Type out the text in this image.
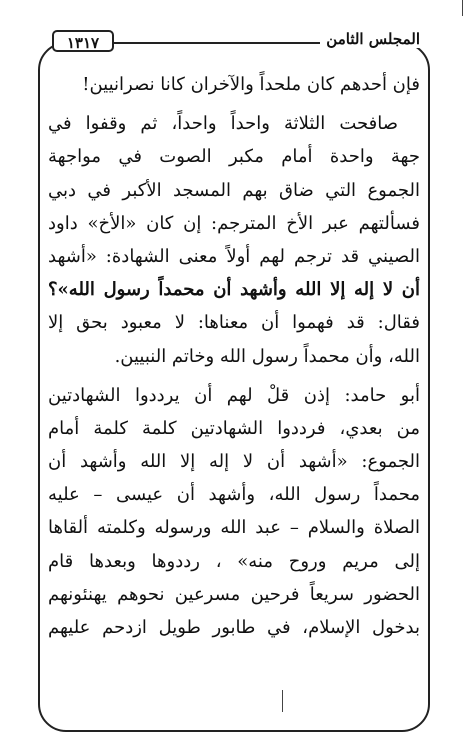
المجلس الثامن
١٣١٧
فإن أحدهم كان ملحداً والآخران كانا نصرانيين!
صافحت الثلاثة واحداً واحداً، ثم وقفوا في
جهة واحدة أمام مكبر الصوت في مواجهة
الجموع التي ضاق بهم المسجد الأكبر في دبي
فسألتهم عبر الأخ المترجم: إن كان «الأخ» داود
الصيني قد ترجم لهم أولاً معنى الشهادة: «أشهد
أن لا إله إلا الله وأشهد أن محمداً رسول الله»؟
فقال: قد فهموا أن معناها: لا معبود بحق إلا
الله، وأن محمداً رسول الله وخاتم النبيين.
أبو حامد: إذن قلْ لهم أن يرددوا الشهادتين
من بعدي، فرددوا الشهادتين كلمة كلمة أمام
الجموع: «أشهد أن لا إله إلا الله وأشهد أن
محمداً رسول الله، وأشهد أن عيسى – عليه
الصلاة والسلام – عبد الله ورسوله وكلمته ألقاها
إلى مريم وروح منه» ، رددوها وبعدها قام
الحضور سريعاً فرحين مسرعين نحوهم يهنئونهم
بدخول الإسلام، في طابور طويل ازدحم عليهم
